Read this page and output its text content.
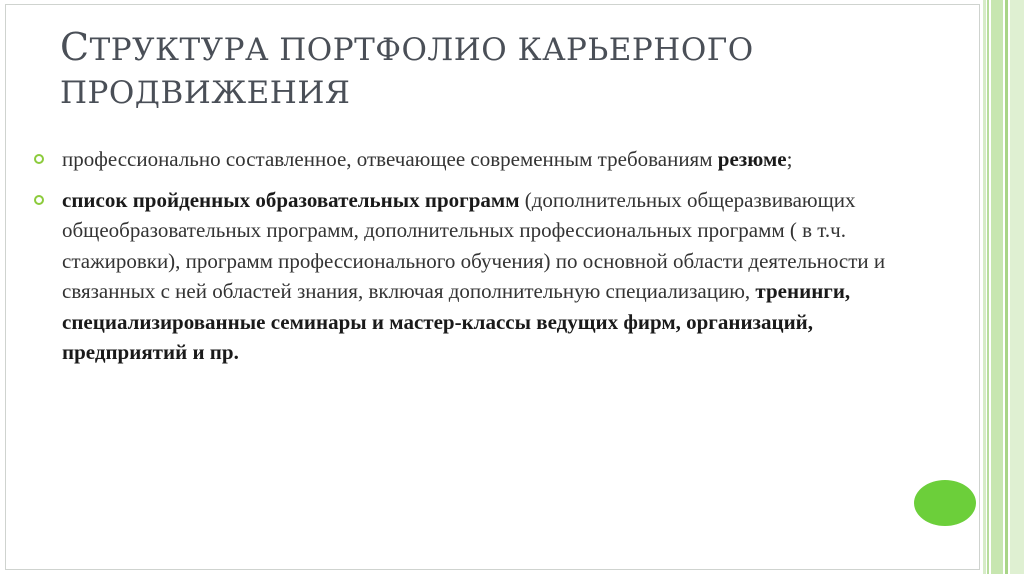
СТРУКТУРА ПОРТФОЛИО КАРЬЕРНОГО
ПРОДВИЖЕНИЯ
профессионально составленное, отвечающее современным требованиям резюме;
список пройденных образовательных программ (дополнительных общеразвивающих общеобразовательных программ, дополнительных профессиональных программ ( в т.ч. стажировки), программ профессионального обучения) по основной области деятельности и связанных с ней областей знания, включая дополнительную специализацию, тренинги, специализированные семинары и мастер-классы ведущих фирм, организаций, предприятий и пр.
